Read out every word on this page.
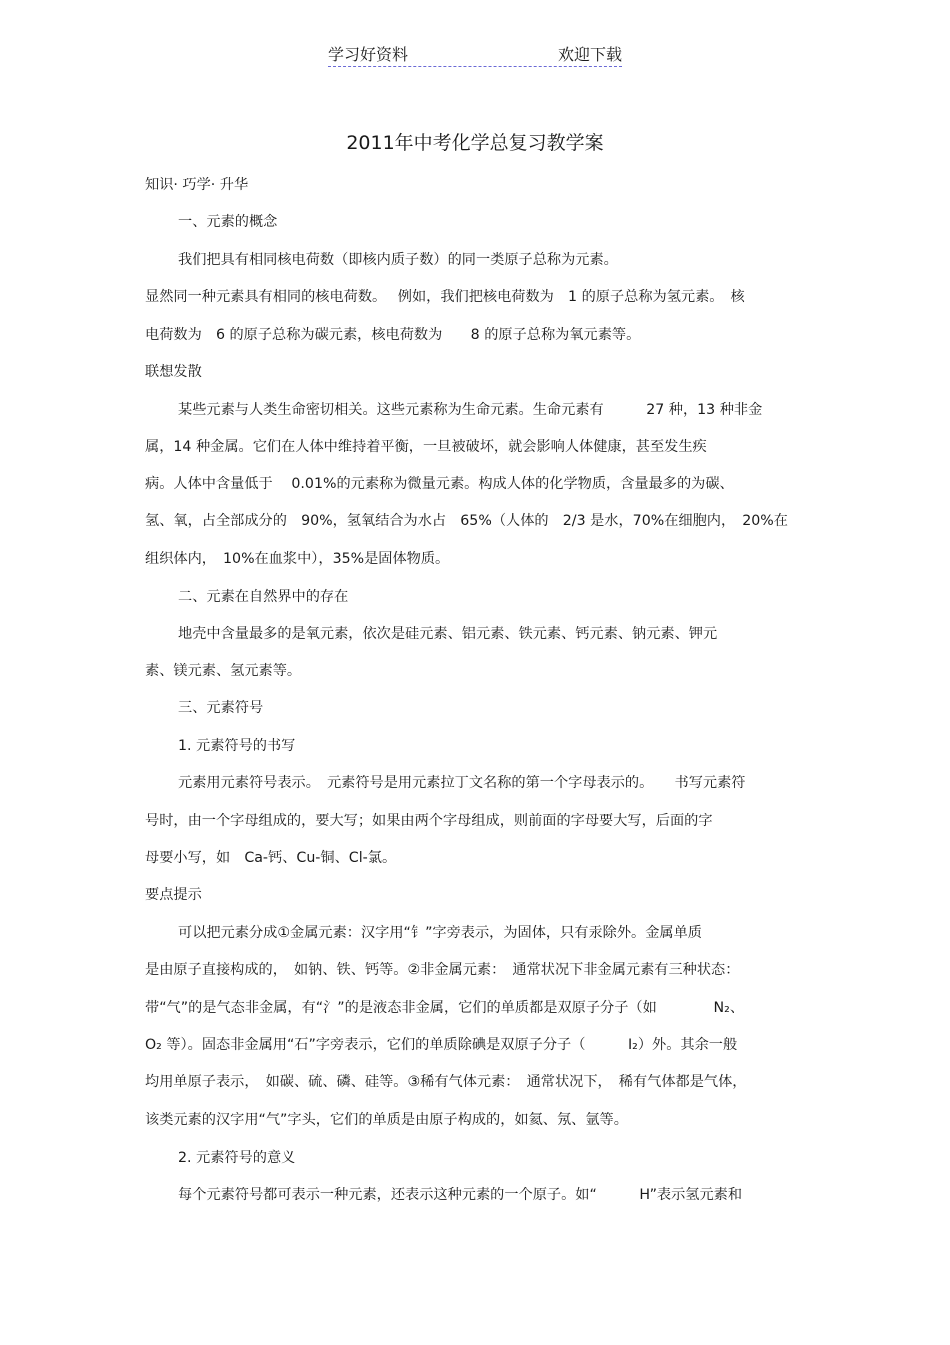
学习好资料	欢迎下载
2011年中考化学总复习教学案
知识· 巧学· 升华
一、元素的概念
我们把具有相同核电荷数（即核内质子数）的同一类原子总称为元素。
显然同一种元素具有相同的核电荷数。　 例如，我们把核电荷数为　1 的原子总称为氢元素。　核
电荷数为　6 的原子总称为碳元素，核电荷数为　　8 的原子总称为氧元素等。
联想发散
某些元素与人类生命密切相关。这些元素称为生命元素。生命元素有　　　27 种，13 种非金
属，14 种金属。它们在人体中维持着平衡，一旦被破坏，就会影响人体健康，甚至发生疾
病。人体中含量低于　 0.01%的元素称为微量元素。构成人体的化学物质，含量最多的为碳、
氢、氧，占全部成分的　90%，氢氧结合为水占　65%（人体的　2/3 是水，70%在细胞内，　20%在
组织体内，　10%在血浆中），35%是固体物质。
二、元素在自然界中的存在
地壳中含量最多的是氧元素，依次是硅元素、铝元素、铁元素、钙元素、钠元素、钾元
素、镁元素、氢元素等。
三、元素符号
1. 元素符号的书写
元素用元素符号表示。　元素符号是用元素拉丁文名称的第一个字母表示的。　　书写元素符
号时，由一个字母组成的，要大写；如果由两个字母组成，则前面的字母要大写，后面的字
母要小写，如　Ca-钙、Cu-铜、Cl-氯。
要点提示
可以把元素分成①金属元素：汉字用“钅”字旁表示，为固体，只有汞除外。金属单质
是由原子直接构成的，　如钠、铁、钙等。②非金属元素：　通常状况下非金属元素有三种状态：
带“气”的是气态非金属，有“氵”的是液态非金属，它们的单质都是双原子分子（如　　　　N₂、
O₂ 等）。固态非金属用“石”字旁表示，它们的单质除碘是双原子分子（　　　I₂）外。其余一般
均用单原子表示，　如碳、硫、磷、硅等。③稀有气体元素：　通常状况下，　稀有气体都是气体，
该类元素的汉字用“气”字头，它们的单质是由原子构成的，如氦、氖、氩等。
2. 元素符号的意义
每个元素符号都可表示一种元素，还表示这种元素的一个原子。如“　　　H”表示氢元素和
